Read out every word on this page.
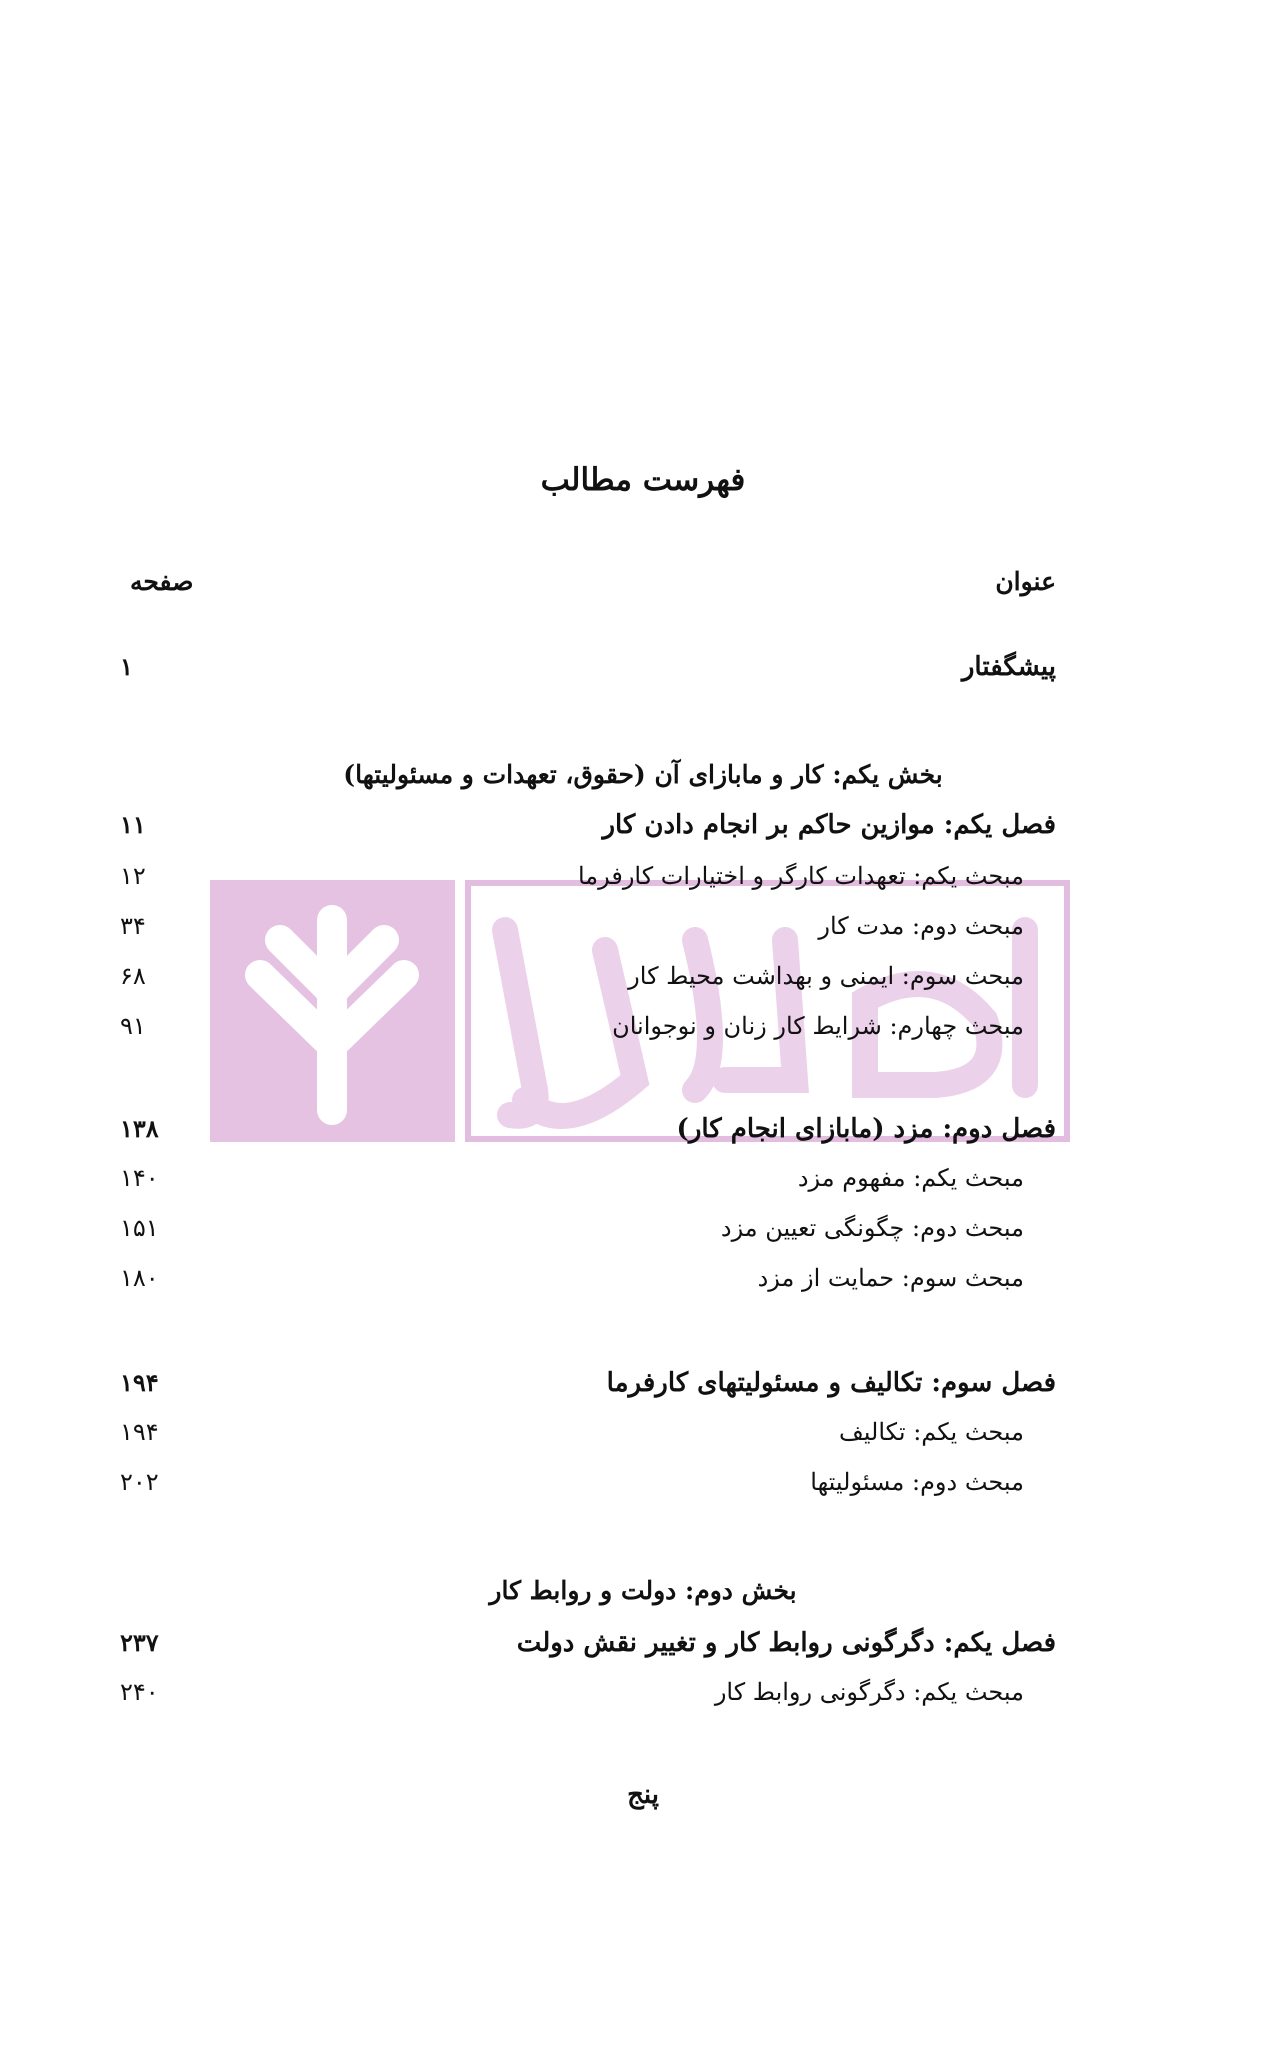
فهرست مطالب
عنوان
صفحه
پیشگفتار
۱
بخش یکم: کار و مابازای آن (حقوق، تعهدات و مسئولیتها)
فصل یکم: موازین حاکم بر انجام دادن کار
۱۱
مبحث یکم: تعهدات کارگر و اختیارات کارفرما
۱۲
مبحث دوم: مدت کار
۳۴
مبحث سوم: ایمنی و بهداشت محیط کار
۶۸
مبحث چهارم: شرایط کار زنان و نوجوانان
۹۱
فصل دوم: مزد (مابازای انجام کار)
۱۳۸
مبحث یکم: مفهوم مزد
۱۴۰
مبحث دوم: چگونگی تعیین مزد
۱۵۱
مبحث سوم: حمایت از مزد
۱۸۰
فصل سوم: تکالیف و مسئولیتهای کارفرما
۱۹۴
مبحث یکم: تکالیف
۱۹۴
مبحث دوم: مسئولیتها
۲۰۲
بخش دوم: دولت و روابط کار
فصل یکم: دگرگونی روابط کار و تغییر نقش دولت
۲۳۷
مبحث یکم: دگرگونی روابط کار
۲۴۰
پنج
